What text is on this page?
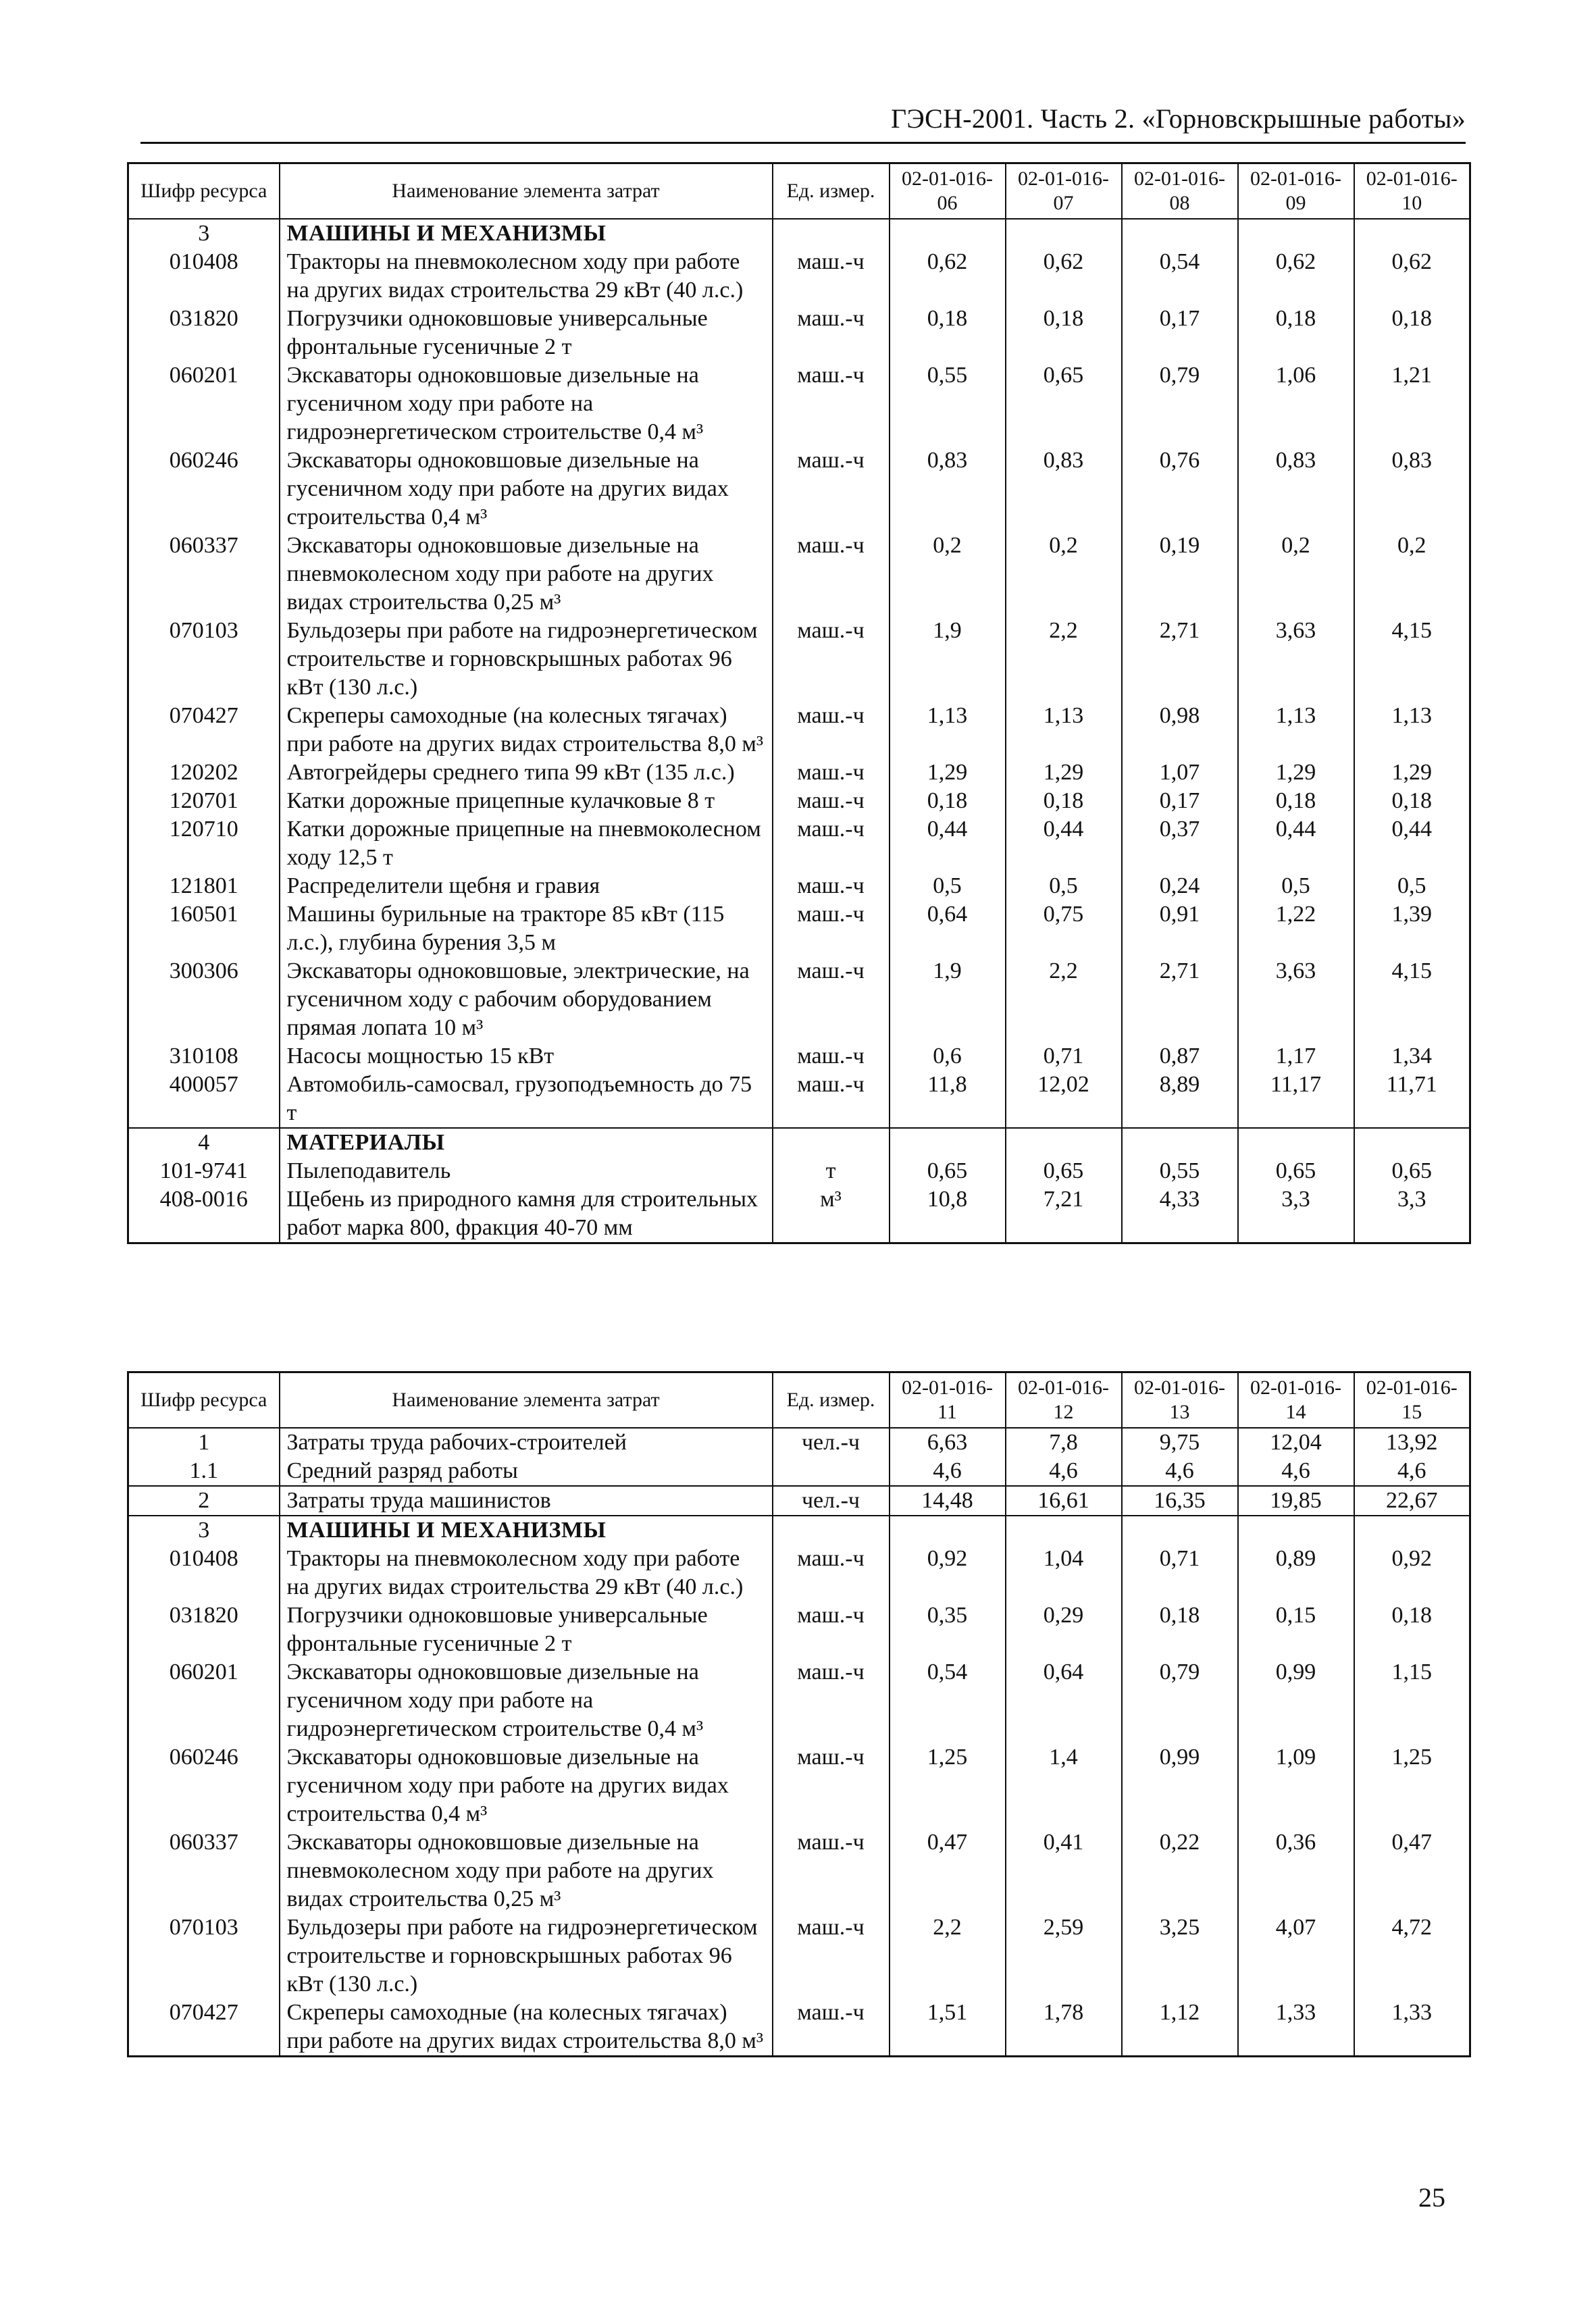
ГЭСН-2001. Часть 2. «Горновскрышные работы»
Шифр ресурса	Наименование элемента затрат	Ед. измер.	02-01-016-06	02-01-016-07	02-01-016-08	02-01-016-09	02-01-016-10
3	МАШИНЫ И МЕХАНИЗМЫ						
010408	Тракторы на пневмоколесном ходу при работе на других видах строительства 29 кВт (40 л.с.)	маш.-ч	0,62	0,62	0,54	0,62	0,62
031820	Погрузчики одноковшовые универсальные фронтальные гусеничные 2 т	маш.-ч	0,18	0,18	0,17	0,18	0,18
060201	Экскаваторы одноковшовые дизельные на гусеничном ходу при работе на гидроэнергетическом строительстве 0,4 м³	маш.-ч	0,55	0,65	0,79	1,06	1,21
060246	Экскаваторы одноковшовые дизельные на гусеничном ходу при работе на других видах строительства 0,4 м³	маш.-ч	0,83	0,83	0,76	0,83	0,83
060337	Экскаваторы одноковшовые дизельные на пневмоколесном ходу при работе на других видах строительства 0,25 м³	маш.-ч	0,2	0,2	0,19	0,2	0,2
070103	Бульдозеры при работе на гидроэнергетическом строительстве и горновскрышных работах 96 кВт (130 л.с.)	маш.-ч	1,9	2,2	2,71	3,63	4,15
070427	Скреперы самоходные (на колесных тягачах) при работе на других видах строительства 8,0 м³	маш.-ч	1,13	1,13	0,98	1,13	1,13
120202	Автогрейдеры среднего типа 99 кВт (135 л.с.)	маш.-ч	1,29	1,29	1,07	1,29	1,29
120701	Катки дорожные прицепные кулачковые 8 т	маш.-ч	0,18	0,18	0,17	0,18	0,18
120710	Катки дорожные прицепные на пневмоколесном ходу 12,5 т	маш.-ч	0,44	0,44	0,37	0,44	0,44
121801	Распределители щебня и гравия	маш.-ч	0,5	0,5	0,24	0,5	0,5
160501	Машины бурильные на тракторе 85 кВт (115 л.с.), глубина бурения 3,5 м	маш.-ч	0,64	0,75	0,91	1,22	1,39
300306	Экскаваторы одноковшовые, электрические, на гусеничном ходу с рабочим оборудованием прямая лопата 10 м³	маш.-ч	1,9	2,2	2,71	3,63	4,15
310108	Насосы мощностью 15 кВт	маш.-ч	0,6	0,71	0,87	1,17	1,34
400057	Автомобиль-самосвал, грузоподъемность до 75 т	маш.-ч	11,8	12,02	8,89	11,17	11,71
4	МАТЕРИАЛЫ						
101-9741	Пылеподавитель	т	0,65	0,65	0,55	0,65	0,65
408-0016	Щебень из природного камня для строительных работ марка 800, фракция 40-70 мм	м³	10,8	7,21	4,33	3,3	3,3
Шифр ресурса	Наименование элемента затрат	Ед. измер.	02-01-016-11	02-01-016-12	02-01-016-13	02-01-016-14	02-01-016-15
1	Затраты труда рабочих-строителей	чел.-ч	6,63	7,8	9,75	12,04	13,92
1.1	Средний разряд работы		4,6	4,6	4,6	4,6	4,6
2	Затраты труда машинистов	чел.-ч	14,48	16,61	16,35	19,85	22,67
3	МАШИНЫ И МЕХАНИЗМЫ						
010408	Тракторы на пневмоколесном ходу при работе на других видах строительства 29 кВт (40 л.с.)	маш.-ч	0,92	1,04	0,71	0,89	0,92
031820	Погрузчики одноковшовые универсальные фронтальные гусеничные 2 т	маш.-ч	0,35	0,29	0,18	0,15	0,18
060201	Экскаваторы одноковшовые дизельные на гусеничном ходу при работе на гидроэнергетическом строительстве 0,4 м³	маш.-ч	0,54	0,64	0,79	0,99	1,15
060246	Экскаваторы одноковшовые дизельные на гусеничном ходу при работе на других видах строительства 0,4 м³	маш.-ч	1,25	1,4	0,99	1,09	1,25
060337	Экскаваторы одноковшовые дизельные на пневмоколесном ходу при работе на других видах строительства 0,25 м³	маш.-ч	0,47	0,41	0,22	0,36	0,47
070103	Бульдозеры при работе на гидроэнергетическом строительстве и горновскрышных работах 96 кВт (130 л.с.)	маш.-ч	2,2	2,59	3,25	4,07	4,72
070427	Скреперы самоходные (на колесных тягачах) при работе на других видах строительства 8,0 м³	маш.-ч	1,51	1,78	1,12	1,33	1,33
25
